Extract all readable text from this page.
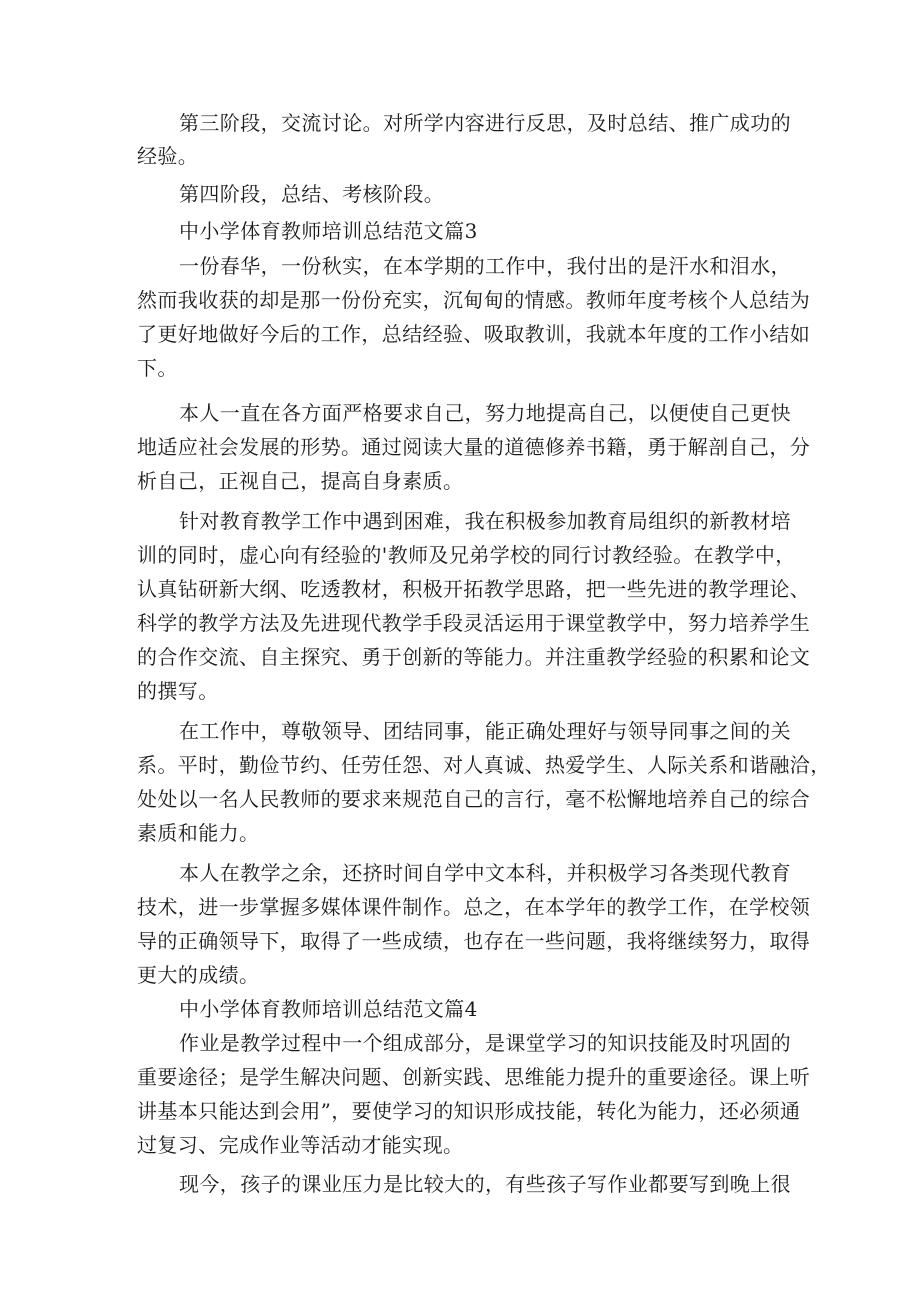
第三阶段，交流讨论。对所学内容进行反思，及时总结、推广成功的
经验。
第四阶段，总结、考核阶段。
中小学体育教师培训总结范文篇3
一份春华，一份秋实，在本学期的工作中，我付出的是汗水和泪水，
然而我收获的却是那一份份充实，沉甸甸的情感。教师年度考核个人总结为
了更好地做好今后的工作，总结经验、吸取教训，我就本年度的工作小结如
下。
本人一直在各方面严格要求自己，努力地提高自己，以便使自己更快
地适应社会发展的形势。通过阅读大量的道德修养书籍，勇于解剖自己，分
析自己，正视自己，提高自身素质。
针对教育教学工作中遇到困难，我在积极参加教育局组织的新教材培
训的同时，虚心向有经验的'教师及兄弟学校的同行讨教经验。在教学中，
认真钻研新大纲、吃透教材，积极开拓教学思路，把一些先进的教学理论、
科学的教学方法及先进现代教学手段灵活运用于课堂教学中，努力培养学生
的合作交流、自主探究、勇于创新的等能力。并注重教学经验的积累和论文
的撰写。
在工作中，尊敬领导、团结同事，能正确处理好与领导同事之间的关
系。平时，勤俭节约、任劳任怨、对人真诚、热爱学生、人际关系和谐融洽，
处处以一名人民教师的要求来规范自己的言行，毫不松懈地培养自己的综合
素质和能力。
本人在教学之余，还挤时间自学中文本科，并积极学习各类现代教育
技术，进一步掌握多媒体课件制作。总之，在本学年的教学工作，在学校领
导的正确领导下，取得了一些成绩，也存在一些问题，我将继续努力，取得
更大的成绩。
中小学体育教师培训总结范文篇4
作业是教学过程中一个组成部分，是课堂学习的知识技能及时巩固的
重要途径；是学生解决问题、创新实践、思维能力提升的重要途径。课上听
讲基本只能达到会用”，要使学习的知识形成技能，转化为能力，还必须通
过复习、完成作业等活动才能实现。
现今，孩子的课业压力是比较大的，有些孩子写作业都要写到晚上很
